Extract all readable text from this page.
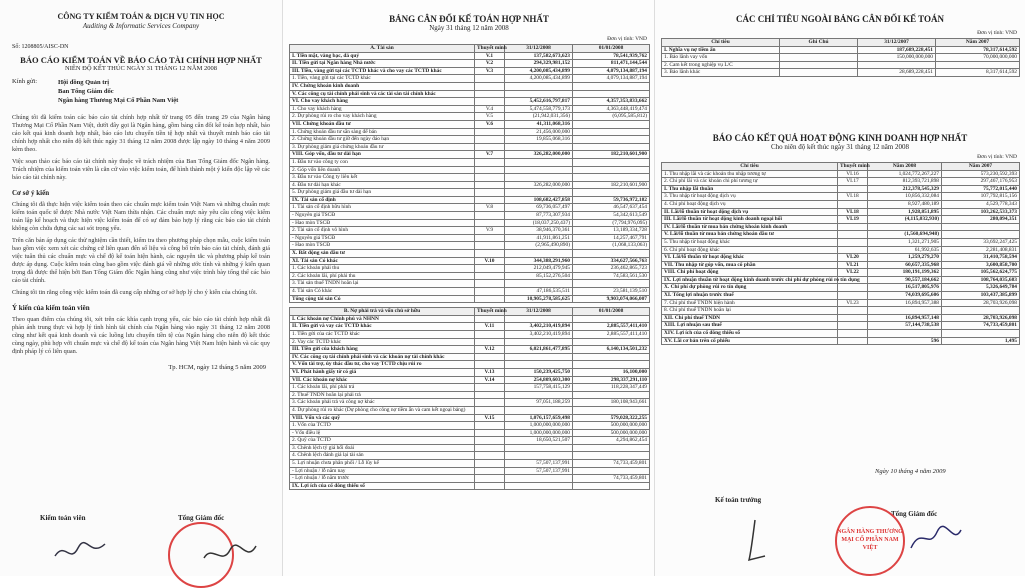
CÔNG TY KIỂM TOÁN & DỊCH VỤ TIN HỌC
Auditing & Informatic Services Company
Số: 1208805/AISC-DN
BÁO CÁO KIỂM TOÁN VỀ BÁO CÁO TÀI CHÍNH HỢP NHẤT
NIÊN ĐỘ KẾT THÚC NGÀY 31 THÁNG 12 NĂM 2008
Kính gửi:	Hội đồng Quản trị
Ban Tổng Giám đốc
Ngân hàng Thương Mại Cổ Phần Nam Việt
Chúng tôi đã kiểm toán các báo cáo tài chính hợp nhất từ trang 05 đến trang 29 của Ngân hàng Thương Mại Cổ Phần Nam Việt, dưới đây gọi là Ngân hàng, gồm bảng cân đối kế toán hợp nhất, báo cáo kết quả kinh doanh hợp nhất, báo cáo lưu chuyển tiền tệ hợp nhất và thuyết minh báo cáo tài chính hợp nhất cho niên độ kết thúc ngày 31 tháng 12 năm 2008 được lập ngày 10 tháng 4 năm 2009 kèm theo.
Việc soạn thảo các báo cáo tài chính này thuộc về trách nhiệm của Ban Tổng Giám đốc Ngân hàng. Trách nhiệm của kiểm toán viên là căn cứ vào việc kiểm toán, để hình thành một ý kiến độc lập về các báo cáo tài chính này.
Cơ sở ý kiến
Chúng tôi đã thực hiện việc kiểm toán theo các chuẩn mực kiểm toán Việt Nam và những chuẩn mực kiểm toán quốc tế được Nhà nước Việt Nam thừa nhận. Các chuẩn mực này yêu cầu công việc kiểm toán lập kế hoạch và thực hiện việc kiểm toán để có sự đảm bảo hợp lý rằng các báo cáo tài chính không còn chứa đựng các sai sót trọng yếu.
Trên căn bản áp dụng các thử nghiệm cần thiết, kiểm tra theo phương pháp chọn mẫu, cuộc kiểm toán bao gồm việc xem xét các chứng cứ liên quan đến số liệu và công bố trên báo cáo tài chính, đánh giá việc tuân thủ các chuẩn mực và chế độ kế toán hiện hành, các nguyên tắc và phương pháp kế toán được áp dụng. Cuộc kiểm toán cũng bao gồm việc đánh giá về những ước tính và những ý kiến quan trọng đã được thể hiện bởi Ban Tổng Giám đốc Ngân hàng cũng như việc trình bày tổng thể các báo cáo tài chính.
Chúng tôi tin rằng công việc kiểm toán đã cung cấp những cơ sở hợp lý cho ý kiến của chúng tôi.
Ý kiến của kiểm toán viên
Theo quan điểm của chúng tôi, xét trên các khía cạnh trọng yếu, các báo cáo tài chính hợp nhất đã phản ánh trung thực và hợp lý tình hình tài chính của Ngân hàng vào ngày 31 tháng 12 năm 2008 cũng như kết quả kinh doanh và các luồng lưu chuyển tiền tệ của Ngân hàng cho niên độ kết thúc cùng ngày, phù hợp với chuẩn mực và chế độ kế toán của Ngân hàng Việt Nam hiện hành và các quy định pháp lý có liên quan.
Tp. HCM, ngày 12 tháng 5 năm 2009
Kiểm toán viên	Tổng Giám đốc
BẢNG CÂN ĐỐI KẾ TOÁN HỢP NHẤT
Ngày 31 tháng 12 năm 2008
Đơn vị tính: VND
A. Tài sản	Thuyết minh	31/12/2008	01/01/2008
I. Tiền mặt, vàng bạc, đá quý	V.1	137,582,673,623	78,541,939,762
II. Tiền gửi tại Ngân hàng Nhà nước	V.2	294,329,981,152	811,471,144,544
III. Tiền, vàng gửi tại các TCTD khác và cho vay các TCTD khác	V.3	4,200,085,434,899	4,079,134,887,194
1. Tiền, vàng gửi tại các TCTD khác		4,200,085,434,899	4,079,134,887,194
IV. Chứng khoán kinh doanh			
V. Các công cụ tài chính phái sinh và các tài sản tài chính khác			
VI. Cho vay khách hàng		5,452,616,797,817	4,357,353,833,662
1. Cho vay khách hàng	V.4	5,474,558,779,173	4,363,448,419,474
2. Dự phòng rủi ro cho vay khách hàng	V.5	(21,942,031,356)	(6,095,585,812)
VII. Chứng khoán đầu tư	V.6	41,311,068,316	
1. Chứng khoán đầu tư sẵn sàng để bán		21,456,000,000	
2. Chứng khoán đầu tư giữ đến ngày đáo hạn		19,855,068,316	
3. Dự phòng giảm giá chứng khoán đầu tư			
VIII. Góp vốn, đầu tư dài hạn	V.7	326,282,000,000	182,210,601,900
1. Đầu tư vào công ty con			
2. Góp vốn liên doanh			
3. Đầu tư vào Công ty liên kết			
4. Đầu tư dài hạn khác		326,282,000,000	182,210,601,900
5. Dự phòng giảm giá đầu tư dài hạn			
IX. Tài sản cố định		108,682,427,858	59,736,972,182
1. Tài sản cố định hữu hình	V.8	69,736,057,497	46,547,637,454
- Nguyên giá TSCĐ		87,773,307,934	54,342,613,549
- Hao mòn TSCĐ		(18,037,250,437)	(7,794,976,095)
2. Tài sản cố định vô hình	V.9	38,946,370,361	13,189,334,728
- Nguyên giá TSCĐ		41,911,861,251	14,257,467,791
- Hao mòn TSCĐ		(2,965,490,890)	(1,068,133,063)
X. Bất động sản đầu tư			
XI. Tài sản Có khác	V.10	344,388,291,960	334,627,566,763
1. Các khoản phải thu		212,049,479,945	236,462,865,723
2. Các khoản lãi, phí phải thu		85,152,276,504	74,583,561,530
3. Tài sản thuế TNDN hoãn lại			
4. Tài sản Có khác		47,186,535,511	23,581,139,510
Tổng cộng tài sản Có		10,905,278,585,625	9,903,074,066,007
B. Nợ phải trả và vốn chủ sở hữu	Thuyết minh	31/12/2008	01/01/2008
I. Các khoản nợ Chính phủ và NHNN			
II. Tiền gửi và vay các TCTD khác	V.11	3,402,210,419,894	2,885,557,411,410
1. Tiền gửi của các TCTD khác		3,402,210,419,894	2,885,557,411,410
2. Vay các TCTD khác			
III. Tiền gửi của khách hàng	V.12	6,021,861,477,895	6,140,134,501,232
IV. Các công cụ tài chính phái sinh và các khoản nợ tài chính khác			
V. Vốn tài trợ, ủy thác đầu tư, cho vay TCTD chịu rủi ro			
VI. Phát hành giấy tờ có giá	V.13	150,239,425,750	16,100,000
VII. Các khoản nợ khác	V.14	254,809,603,300	298,337,291,110
1. Các khoản lãi, phí phải trả		157,758,415,129	118,228,347,449
2. Thuế TNDN hoãn lại phải trả			
3. Các khoản phải trả và công nợ khác		97,051,188,259	180,108,943,661
4. Dự phòng rủi ro khác (Dự phòng cho công nợ tiềm ẩn và cam kết ngoại bảng)			
VIII. Vốn và các quỹ	V.15	1,076,157,659,498	579,028,322,255
1. Vốn của TCTD		1,000,000,000,000	500,000,000,000
- Vốn điều lệ		1,000,000,000,000	500,000,000,000
2. Quỹ của TCTD		18,650,521,507	4,294,862,454
3. Chênh lệch tỷ giá hối đoái			
4. Chênh lệch đánh giá lại tài sản			
5. Lợi nhuận chưa phân phối / Lỗ lũy kế		57,507,137,991	74,733,459,801
- Lợi nhuận / lỗ năm nay		57,507,137,991	
- Lợi nhuận / lỗ năm trước			74,733,459,801
IX. Lợi ích của cổ đông thiểu số			
CÁC CHỈ TIÊU NGOÀI BẢNG CÂN ĐỐI KẾ TOÁN
Đơn vị tính: VND
Chỉ tiêu	Ghi Chú	31/12/2007	Năm 2007
I. Nghĩa vụ nợ tiềm ẩn		187,689,228,451	78,317,614,592
1. Bảo lãnh vay vốn		150,000,000,000	70,000,000,000
2. Cam kết trong nghiệp vụ L/C			
3. Bảo lãnh khác		28,689,228,451	8,317,614,592
BÁO CÁO KẾT QUẢ HOẠT ĐỘNG KINH DOANH HỢP NHẤT
Cho niên độ kết thúc ngày 31 tháng 12 năm 2008
Đơn vị tính: VND
Chỉ tiêu	Thuyết minh	Năm 2008	Năm 2007
1. Thu nhập lãi và các khoản thu nhập tương tự	VI.16	1,024,772,267,227	573,230,592,393
2. Chi phí lãi và các khoản chi phí tương tự	VI.17	812,393,721,898	297,467,176,953
I. Thu nhập lãi thuần		212,378,545,329	75,772,015,440
3. Thu nhập từ hoạt động dịch vụ	VI.18	10,856,332,084	107,792,815,156
4. Chi phí hoạt động dịch vụ		8,927,480,189	4,529,778,343
II. Lãi/lỗ thuần từ hoạt động dịch vụ	VI.18	1,928,851,895	103,262,533,373
III. Lãi/lỗ thuần từ hoạt động kinh doanh ngoại hối	VI.19	(4,115,032,930)	280,094,351
IV. Lãi/lỗ thuần từ mua bán chứng khoán kinh doanh			
V. Lãi/lỗ thuần từ mua bán chứng khoán đầu tư		(1,560,694,948)	
5. Thu nhập từ hoạt động khác		1,321,271,905	33,692,247,425
6. Chi phí hoạt động khác		61,992,635	2,281,408,831
VI. Lãi/lỗ thuần từ hoạt động khác	VI.20	1,259,279,270	31,410,758,594
VII. Thu nhập từ góp vốn, mua cổ phần	VI.21	60,657,335,968	3,600,858,700
VIII. Chi phí hoạt động	VI.22	180,191,199,362	105,562,624,775
IX. Lợi nhuận thuần từ hoạt động kinh doanh trước chi phí dự phòng rủi ro tín dụng		90,557,184,662	108,764,035,683
X. Chi phí dự phòng rủi ro tín dụng		16,517,805,976	5,326,649,784
XI. Tổng lợi nhuận trước thuế		74,039,695,606	103,437,385,899
7. Chi phí thuế TNDN hiện hành	VI.23	16,894,957,388	28,703,926,098
8. Chi phí thuế TNDN hoãn lại			
XII. Chi phí thuế TNDN		16,894,957,148	28,703,926,098
XIII. Lợi nhuận sau thuế		57,144,738,538	74,733,459,801
XIV. Lợi ích của cổ đông thiểu số			
XV. Lãi cơ bản trên cổ phiếu		596	1,495
Ngày 10 tháng 4 năm 2009
Kế toán trưởng
Tổng Giám đốc
NGÂN HÀNG THƯƠNG MẠI CỔ PHẦN NAM VIỆT
